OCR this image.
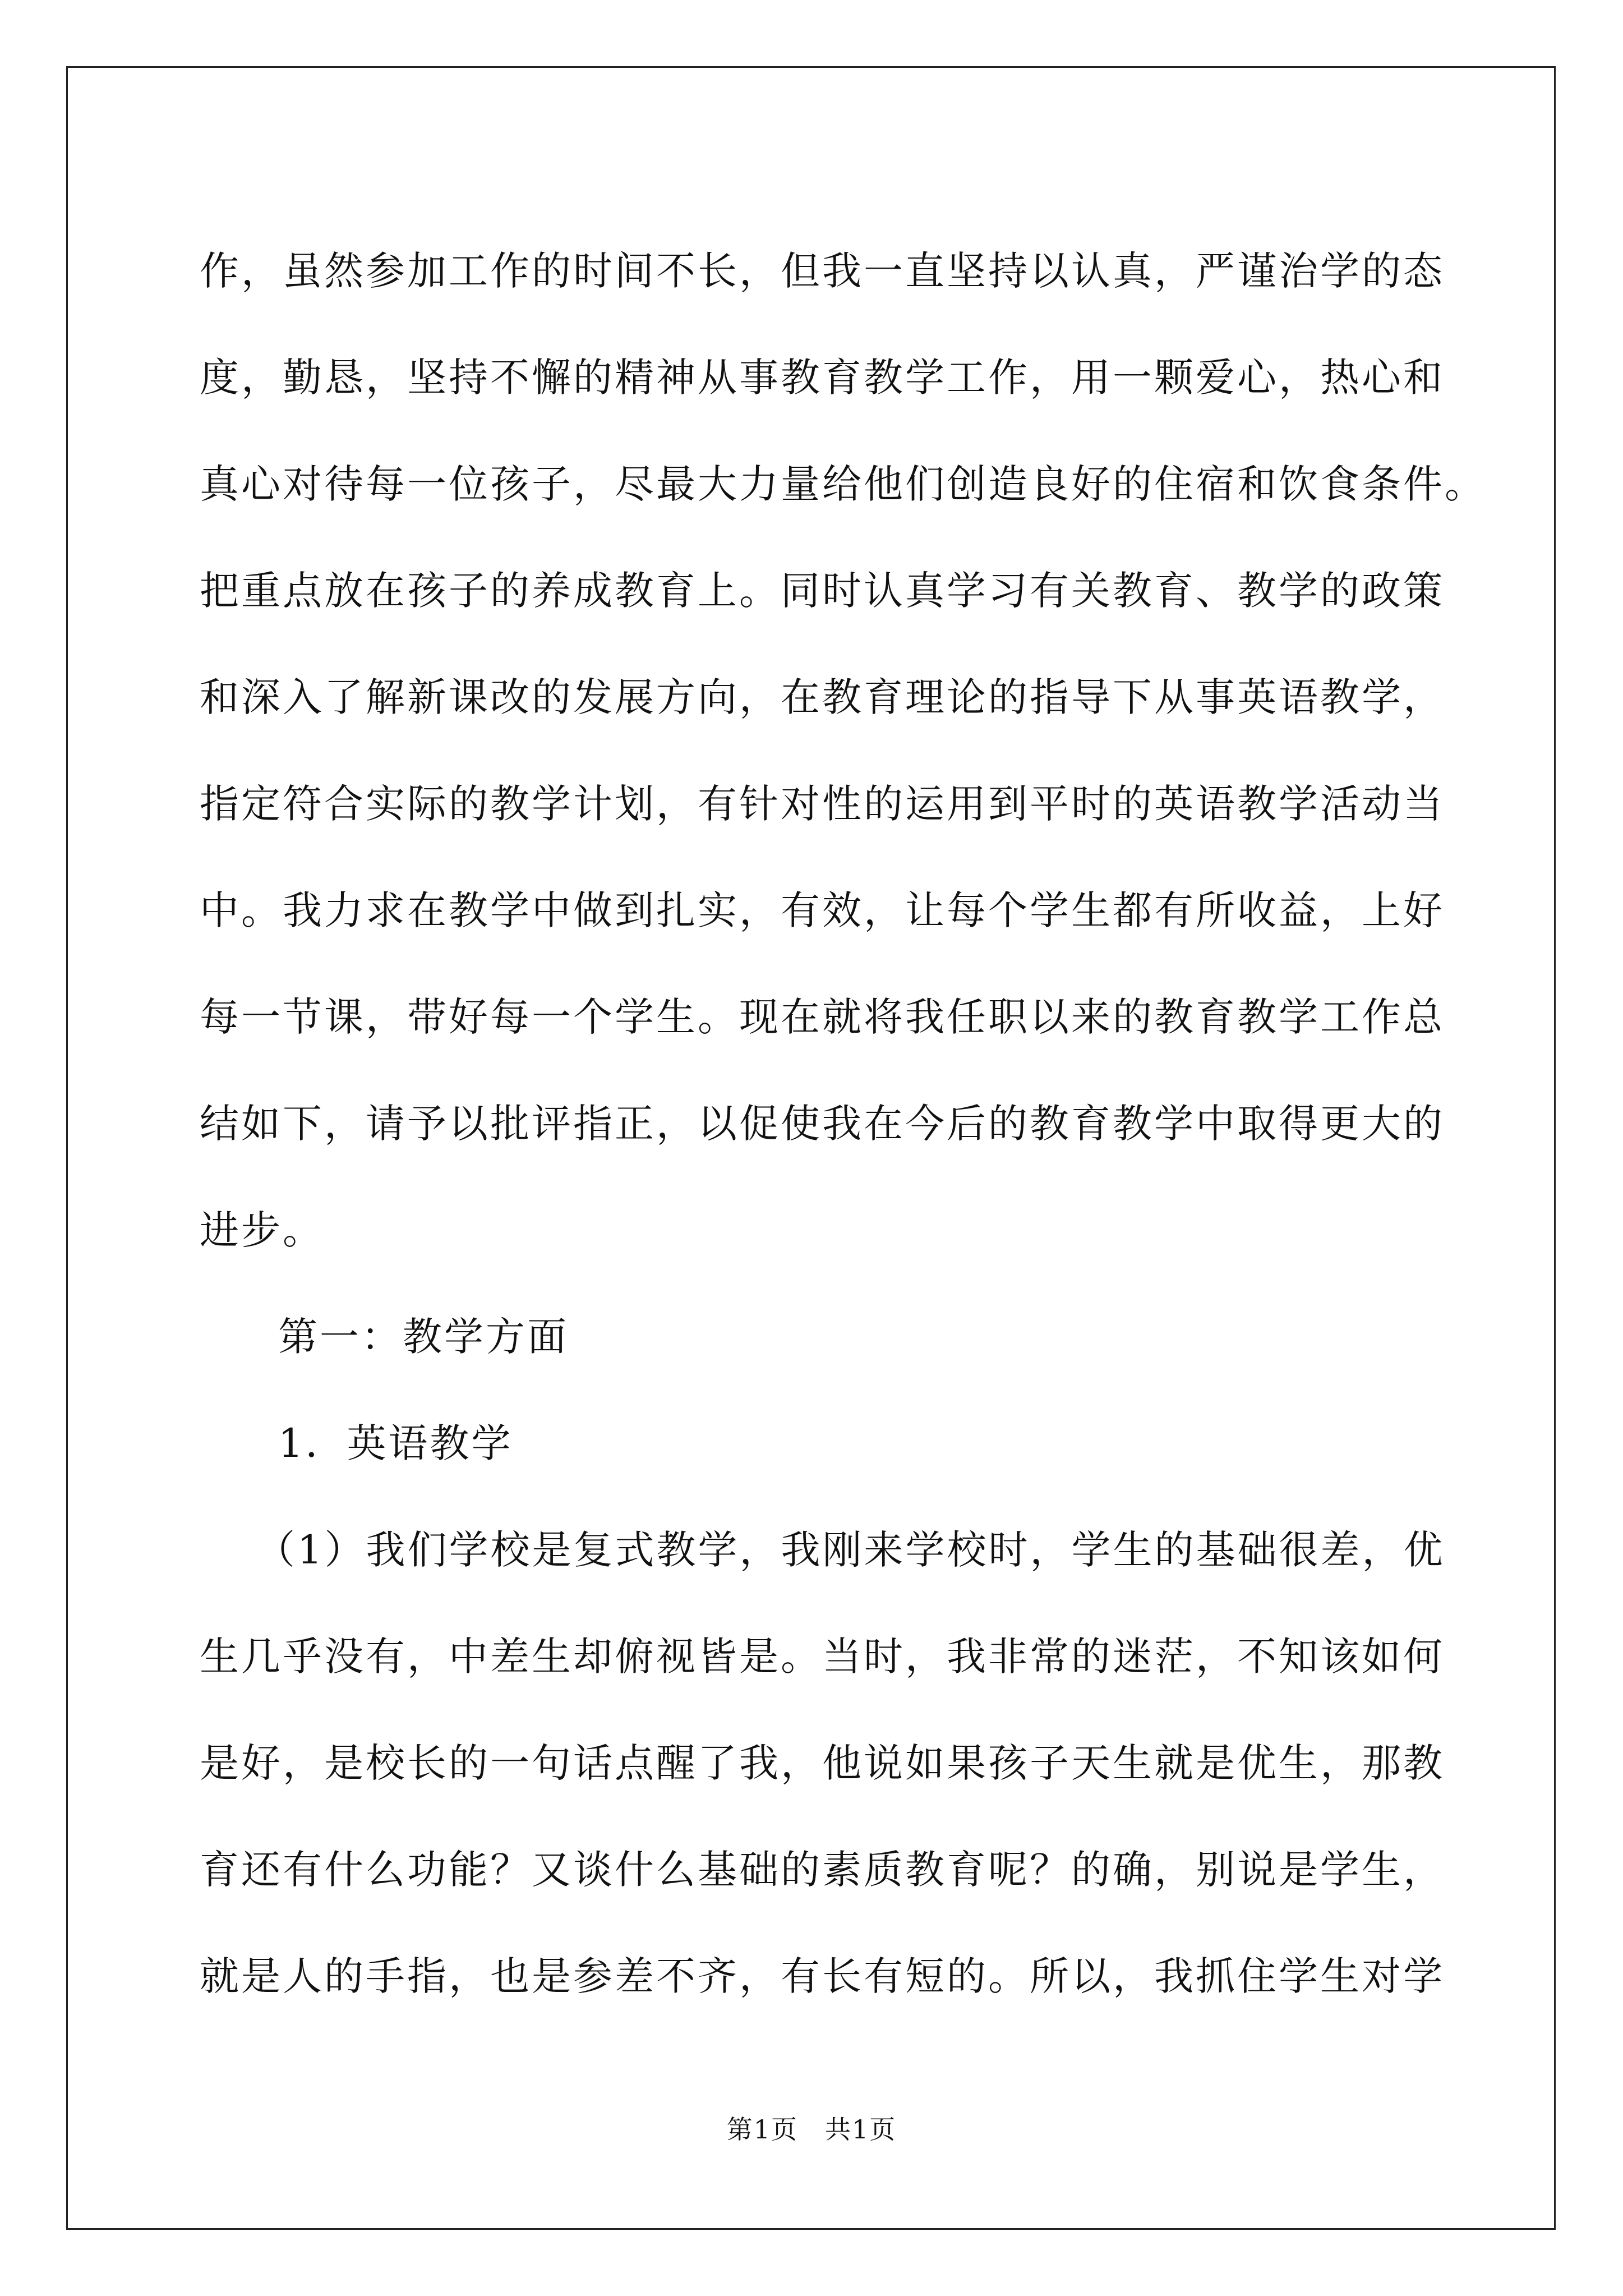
作，虽然参加工作的时间不长，但我一直坚持以认真，严谨治学的态
度，勤恳，坚持不懈的精神从事教育教学工作，用一颗爱心，热心和
真心对待每一位孩子，尽最大力量给他们创造良好的住宿和饮食条件。
把重点放在孩子的养成教育上。同时认真学习有关教育、教学的政策
和深入了解新课改的发展方向，在教育理论的指导下从事英语教学，
指定符合实际的教学计划，有针对性的运用到平时的英语教学活动当
中。我力求在教学中做到扎实，有效，让每个学生都有所收益，上好
每一节课，带好每一个学生。现在就将我任职以来的教育教学工作总
结如下，请予以批评指正，以促使我在今后的教育教学中取得更大的
进步。
第一：教学方面
1．英语教学
（1）我们学校是复式教学，我刚来学校时，学生的基础很差，优
生几乎没有，中差生却俯视皆是。当时，我非常的迷茫，不知该如何
是好，是校长的一句话点醒了我，他说如果孩子天生就是优生，那教
育还有什么功能？又谈什么基础的素质教育呢？的确，别说是学生，
就是人的手指，也是参差不齐，有长有短的。所以，我抓住学生对学
第1页　共1页
